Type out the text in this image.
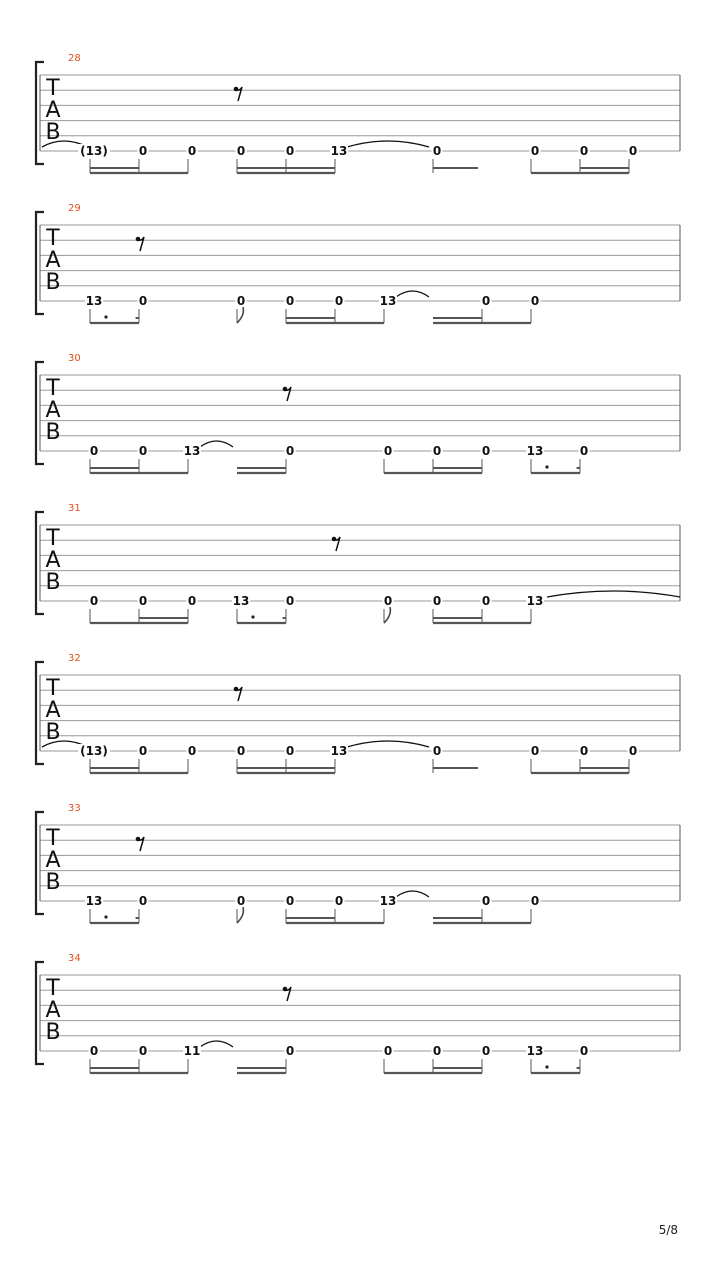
28
T
A
B
(13)	0	0	0	0	13	0	0	0	0
29
T
A
B
13	0	0	0	0	13	0	0
30
T
A
B
0	0	13	0	0	0	0	13	0
31
T
A
B
0	0	0	13	0	0	0	0	13
32
T
A
B
(13)	0	0	0	0	13	0	0	0	0
33
T
A
B
13	0	0	0	0	13	0	0
34
T
A
B
0	0	11	0	0	0	0	13	0
5/8
